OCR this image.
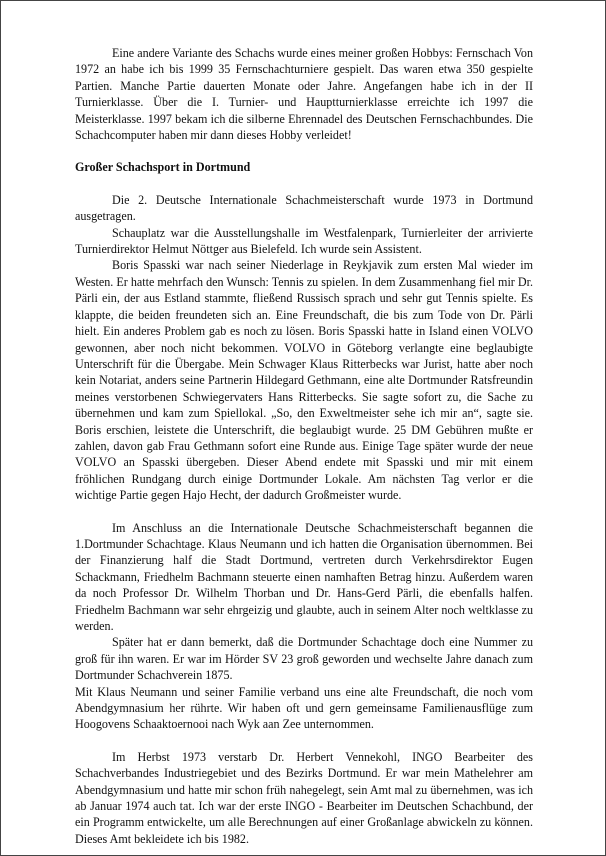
Eine andere Variante des Schachs wurde eines meiner großen Hobbys: Fernschach Von 1972 an habe ich bis 1999 35 Fernschachturniere gespielt. Das waren etwa 350 gespielte Partien. Manche Partie dauerten Monate oder Jahre. Angefangen habe ich in der II Turnierklasse. Über die I. Turnier- und Hauptturnierklasse erreichte ich 1997 die Meisterklasse. 1997 bekam ich die silberne Ehrennadel des Deutschen Fernschachbundes. Die Schachcomputer haben mir dann dieses Hobby verleidet!

Großer Schachsport in Dortmund

Die 2. Deutsche Internationale Schachmeisterschaft wurde 1973 in Dortmund ausgetragen.

Schauplatz war die Ausstellungshalle im Westfalenpark, Turnierleiter der arrivierte Turnierdirektor Helmut Nöttger aus Bielefeld. Ich wurde sein Assistent.

Boris Spasski war nach seiner Niederlage in Reykjavik zum ersten Mal wieder im Westen. Er hatte mehrfach den Wunsch: Tennis zu spielen. In dem Zusammenhang fiel mir Dr. Pärli ein, der aus Estland stammte, fließend Russisch sprach und sehr gut Tennis spielte. Es klappte, die beiden freundeten sich an. Eine Freundschaft, die bis zum Tode von Dr. Pärli hielt. Ein anderes Problem gab es noch zu lösen. Boris Spasski hatte in Island einen VOLVO gewonnen, aber noch nicht bekommen. VOLVO in Göteborg verlangte eine beglaubigte Unterschrift für die Übergabe. Mein Schwager Klaus Ritterbecks war Jurist, hatte aber noch kein Notariat, anders seine Partnerin Hildegard Gethmann, eine alte Dortmunder Ratsfreundin meines verstorbenen Schwiegervaters Hans Ritterbecks. Sie sagte sofort zu, die Sache zu übernehmen und kam zum Spiellokal. „So, den Exweltmeister sehe ich mir an“, sagte sie. Boris erschien, leistete die Unterschrift, die beglaubigt wurde. 25 DM Gebühren mußte er zahlen, davon gab Frau Gethmann sofort eine Runde aus. Einige Tage später wurde der neue VOLVO an Spasski übergeben. Dieser Abend endete mit Spasski und mir mit einem fröhlichen Rundgang durch einige Dortmunder Lokale. Am nächsten Tag verlor er die wichtige Partie gegen Hajo Hecht, der dadurch Großmeister wurde.

Im Anschluss an die Internationale Deutsche Schachmeisterschaft begannen die 1.Dortmunder Schachtage. Klaus Neumann und ich hatten die Organisation übernommen. Bei der Finanzierung half die Stadt Dortmund, vertreten durch Verkehrsdirektor Eugen Schackmann, Friedhelm Bachmann steuerte einen namhaften Betrag hinzu. Außerdem waren da noch Professor Dr. Wilhelm Thorban und Dr. Hans-Gerd Pärli, die ebenfalls halfen. Friedhelm Bachmann war sehr ehrgeizig und glaubte, auch in seinem Alter noch weltklasse zu werden.

Später hat er dann bemerkt, daß die Dortmunder Schachtage doch eine Nummer zu groß für ihn waren. Er war im Hörder SV 23 groß geworden und wechselte Jahre danach zum Dortmunder Schachverein 1875.

Mit Klaus Neumann und seiner Familie verband uns eine alte Freundschaft, die noch vom Abendgymnasium her rührte. Wir haben oft und gern gemeinsame Familienausflüge zum Hoogovens Schaaktoernooi nach Wyk aan Zee unternommen.

Im Herbst 1973 verstarb Dr. Herbert Vennekohl, INGO Bearbeiter des Schachverbandes Industriegebiet und des Bezirks Dortmund. Er war mein Mathelehrer am Abendgymnasium und hatte mir schon früh nahegelegt, sein Amt mal zu übernehmen, was ich ab Januar 1974 auch tat. Ich war der erste INGO - Bearbeiter im Deutschen Schachbund, der ein Programm entwickelte, um alle Berechnungen auf einer Großanlage abwickeln zu können. Dieses Amt bekleidete ich bis 1982.
